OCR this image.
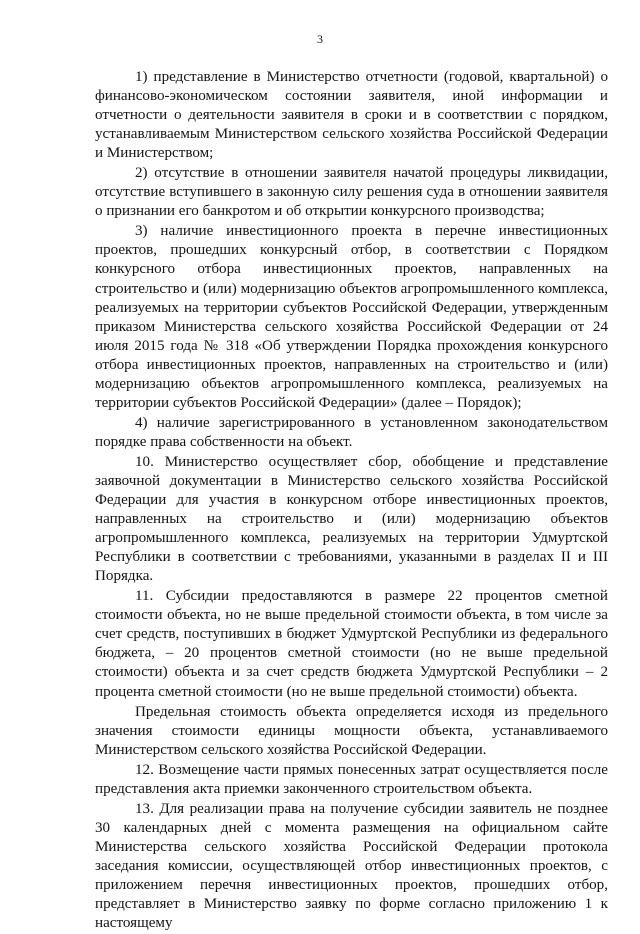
3

1) представление в Министерство отчетности (годовой, квартальной) о финансово-экономическом состоянии заявителя, иной информации и отчетности о деятельности заявителя в сроки и в соответствии с порядком, устанавливаемым Министерством сельского хозяйства Российской Федерации и Министерством;

2) отсутствие в отношении заявителя начатой процедуры ликвидации, отсутствие вступившего в законную силу решения суда в отношении заявителя о признании его банкротом и об открытии конкурсного производства;

3) наличие инвестиционного проекта в перечне инвестиционных проектов, прошедших конкурсный отбор, в соответствии с Порядком конкурсного отбора инвестиционных проектов, направленных на строительство и (или) модернизацию объектов агропромышленного комплекса, реализуемых на территории субъектов Российской Федерации, утвержденным приказом Министерства сельского хозяйства Российской Федерации от 24 июля 2015 года № 318 «Об утверждении Порядка прохождения конкурсного отбора инвестиционных проектов, направленных на строительство и (или) модернизацию объектов агропромышленного комплекса, реализуемых на территории субъектов Российской Федерации» (далее – Порядок);

4) наличие зарегистрированного в установленном законодательством порядке права собственности на объект.

10. Министерство осуществляет сбор, обобщение и представление заявочной документации в Министерство сельского хозяйства Российской Федерации для участия в конкурсном отборе инвестиционных проектов, направленных на строительство и (или) модернизацию объектов агропромышленного комплекса, реализуемых на территории Удмуртской Республики в соответствии с требованиями, указанными в разделах II и III Порядка.

11. Субсидии предоставляются в размере 22 процентов сметной стоимости объекта, но не выше предельной стоимости объекта, в том числе за счет средств, поступивших в бюджет Удмуртской Республики из федерального бюджета, – 20 процентов сметной стоимости (но не выше предельной стоимости) объекта и за счет средств бюджета Удмуртской Республики – 2 процента сметной стоимости (но не выше предельной стоимости) объекта.

Предельная стоимость объекта определяется исходя из предельного значения стоимости единицы мощности объекта, устанавливаемого Министерством сельского хозяйства Российской Федерации.

12. Возмещение части прямых понесенных затрат осуществляется после представления акта приемки законченного строительством объекта.

13. Для реализации права на получение субсидии заявитель не позднее 30 календарных дней с момента размещения на официальном сайте Министерства сельского хозяйства Российской Федерации протокола заседания комиссии, осуществляющей отбор инвестиционных проектов, с приложением перечня инвестиционных проектов, прошедших отбор, представляет в Министерство заявку по форме согласно приложению 1 к настоящему
